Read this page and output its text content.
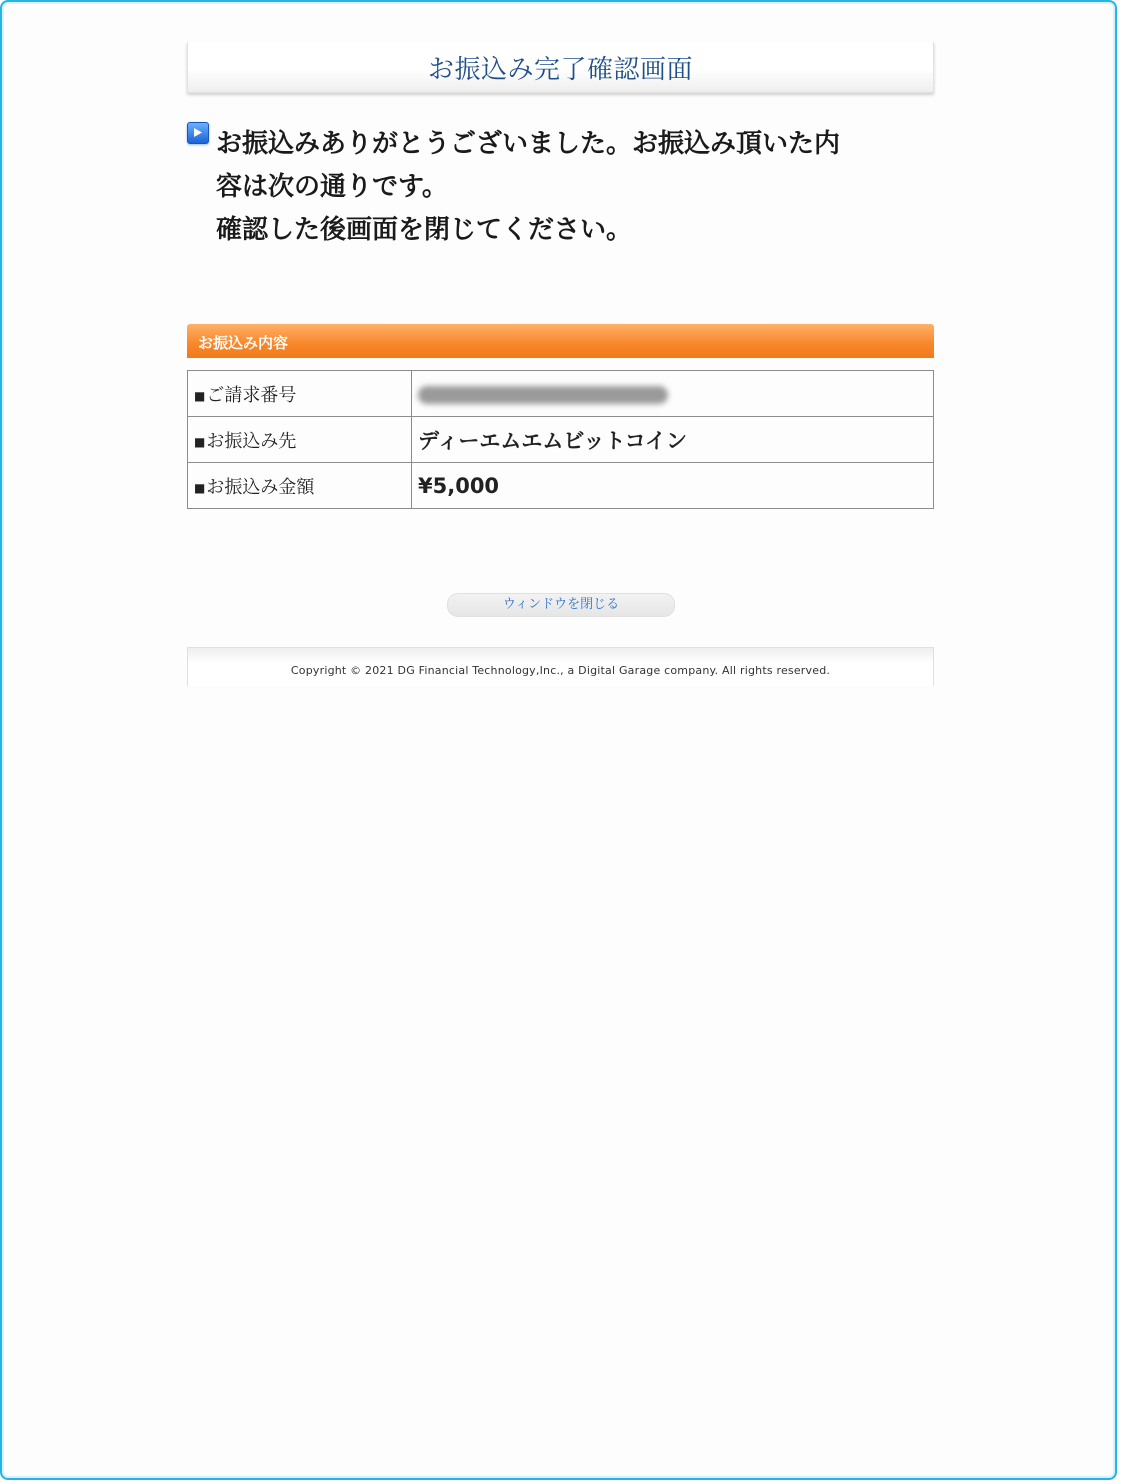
お振込み完了確認画面

お振込みありがとうございました。お振込み頂いた内
容は次の通りです。
確認した後画面を閉じてください。

お振込み内容
■ご請求番号	
■お振込み先	ディーエムエムビットコイン
■お振込み金額	¥5,000
ウィンドウを閉じる
Copyright © 2021 DG Financial Technology,Inc., a Digital Garage company. All rights reserved.
